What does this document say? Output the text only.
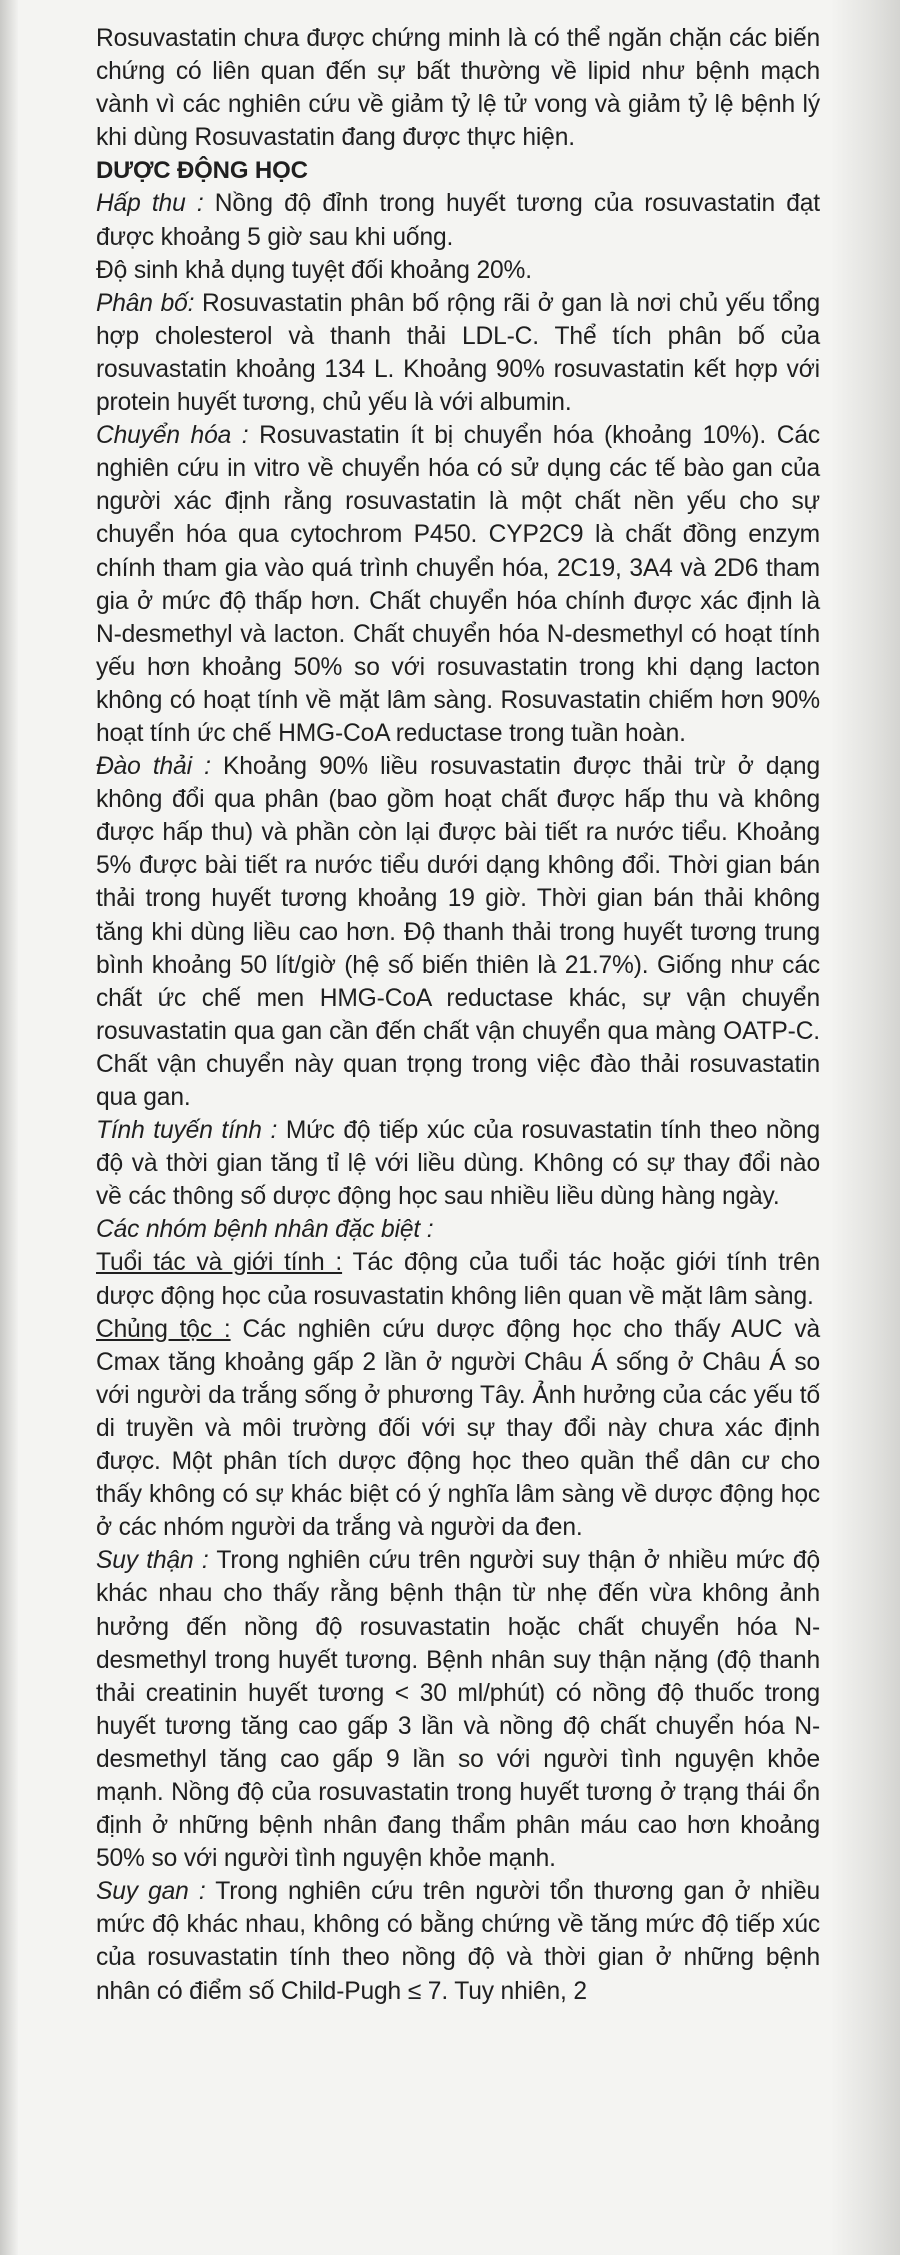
Rosuvastatin chưa được chứng minh là có thể ngăn chặn các biến chứng có liên quan đến sự bất thường về lipid như bệnh mạch vành vì các nghiên cứu về giảm tỷ lệ tử vong và giảm tỷ lệ bệnh lý khi dùng Rosuvastatin đang được thực hiện.

DƯỢC ĐỘNG HỌC

Hấp thu : Nồng độ đỉnh trong huyết tương của rosuvastatin đạt được khoảng 5 giờ sau khi uống.

Độ sinh khả dụng tuyệt đối khoảng 20%.

Phân bố: Rosuvastatin phân bố rộng rãi ở gan là nơi chủ yếu tổng hợp cholesterol và thanh thải LDL-C. Thể tích phân bố của rosuvastatin khoảng 134 L. Khoảng 90% rosuvastatin kết hợp với protein huyết tương, chủ yếu là với albumin.

Chuyển hóa : Rosuvastatin ít bị chuyển hóa (khoảng 10%). Các nghiên cứu in vitro về chuyển hóa có sử dụng các tế bào gan của người xác định rằng rosuvastatin là một chất nền yếu cho sự chuyển hóa qua cytochrom P450. CYP2C9 là chất đồng enzym chính tham gia vào quá trình chuyển hóa, 2C19, 3A4 và 2D6 tham gia ở mức độ thấp hơn. Chất chuyển hóa chính được xác định là N-desmethyl và lacton. Chất chuyển hóa N-desmethyl có hoạt tính yếu hơn khoảng 50% so với rosuvastatin trong khi dạng lacton không có hoạt tính về mặt lâm sàng. Rosuvastatin chiếm hơn 90% hoạt tính ức chế HMG-CoA reductase trong tuần hoàn.

Đào thải : Khoảng 90% liều rosuvastatin được thải trừ ở dạng không đổi qua phân (bao gồm hoạt chất được hấp thu và không được hấp thu) và phần còn lại được bài tiết ra nước tiểu. Khoảng 5% được bài tiết ra nước tiểu dưới dạng không đổi. Thời gian bán thải trong huyết tương khoảng 19 giờ. Thời gian bán thải không tăng khi dùng liều cao hơn. Độ thanh thải trong huyết tương trung bình khoảng 50 lít/giờ (hệ số biến thiên là 21.7%). Giống như các chất ức chế men HMG-CoA reductase khác, sự vận chuyển rosuvastatin qua gan cần đến chất vận chuyển qua màng OATP-C. Chất vận chuyển này quan trọng trong việc đào thải rosuvastatin qua gan.

Tính tuyến tính : Mức độ tiếp xúc của rosuvastatin tính theo nồng độ và thời gian tăng tỉ lệ với liều dùng. Không có sự thay đổi nào về các thông số dược động học sau nhiều liều dùng hàng ngày.

Các nhóm bệnh nhân đặc biệt :

Tuổi tác và giới tính : Tác động của tuổi tác hoặc giới tính trên dược động học của rosuvastatin không liên quan về mặt lâm sàng.

Chủng tộc : Các nghiên cứu dược động học cho thấy AUC và Cmax tăng khoảng gấp 2 lần ở người Châu Á sống ở Châu Á so với người da trắng sống ở phương Tây. Ảnh hưởng của các yếu tố di truyền và môi trường đối với sự thay đổi này chưa xác định được. Một phân tích dược động học theo quần thể dân cư cho thấy không có sự khác biệt có ý nghĩa lâm sàng về dược động học ở các nhóm người da trắng và người da đen.

Suy thận : Trong nghiên cứu trên người suy thận ở nhiều mức độ khác nhau cho thấy rằng bệnh thận từ nhẹ đến vừa không ảnh hưởng đến nồng độ rosuvastatin hoặc chất chuyển hóa N-desmethyl trong huyết tương. Bệnh nhân suy thận nặng (độ thanh thải creatinin huyết tương < 30 ml/phút) có nồng độ thuốc trong huyết tương tăng cao gấp 3 lần và nồng độ chất chuyển hóa N-desmethyl tăng cao gấp 9 lần so với người tình nguyện khỏe mạnh. Nồng độ của rosuvastatin trong huyết tương ở trạng thái ổn định ở những bệnh nhân đang thẩm phân máu cao hơn khoảng 50% so với người tình nguyện khỏe mạnh.

Suy gan : Trong nghiên cứu trên người tổn thương gan ở nhiều mức độ khác nhau, không có bằng chứng về tăng mức độ tiếp xúc của rosuvastatin tính theo nồng độ và thời gian ở những bệnh nhân có điểm số Child-Pugh ≤ 7. Tuy nhiên, 2
